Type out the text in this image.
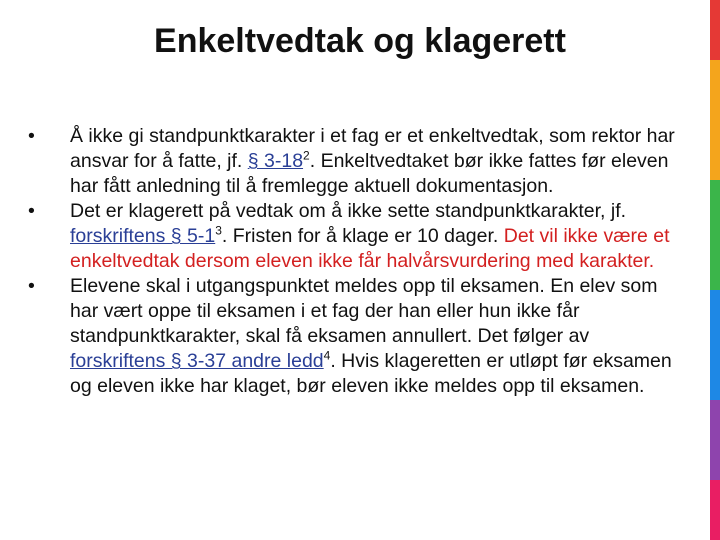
Enkeltvedtak og klagerett
• Å ikke gi standpunktkarakter i et fag er et enkeltvedtak, som rektor har ansvar for å fatte, jf. § $3-18^2$. Enkeltvedtaket bør ikke fattes før eleven har fått anledning til å fremlegge aktuell dokumentasjon.
• Det er klagerett på vedtak om å ikke sette standpunktkarakter, jf. forskriftens § $5-1^3$. Fristen for å klage er 10 dager. Det vil ikke være et enkeltvedtak dersom eleven ikke får halvårsvurdering med karakter.
• Elevene skal i utgangspunktet meldes opp til eksamen. En elev som har vært oppe til eksamen i et fag der han eller hun ikke får standpunktkarakter, skal få eksamen annullert. Det følger av forskriftens § 3-37 andre ledd$^4$. Hvis klageretten er utløpt før eksamen og eleven ikke har klaget, bør eleven ikke meldes opp til eksamen.
